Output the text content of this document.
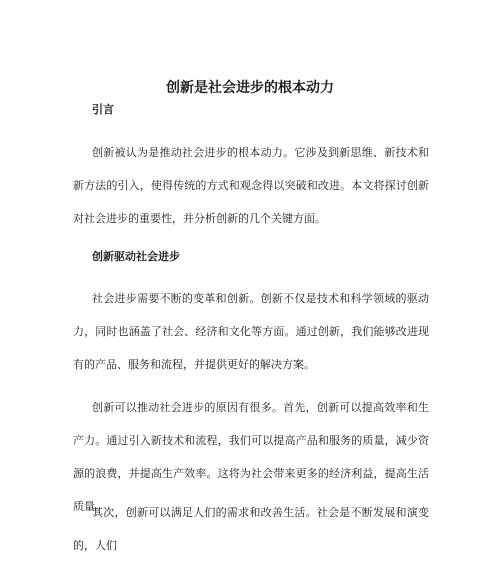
创新是社会进步的根本动力
引言

创新被认为是推动社会进步的根本动力。它涉及到新思维、新技术和新方法的引入，使得传统的方式和观念得以突破和改进。本文将探讨创新对社会进步的重要性，并分析创新的几个关键方面。

创新驱动社会进步

社会进步需要不断的变革和创新。创新不仅是技术和科学领域的驱动力，同时也涵盖了社会、经济和文化等方面。通过创新，我们能够改进现有的产品、服务和流程，并提供更好的解决方案。

创新可以推动社会进步的原因有很多。首先，创新可以提高效率和生产力。通过引入新技术和流程，我们可以提高产品和服务的质量，减少资源的浪费，并提高生产效率。这将为社会带来更多的经济利益，提高生活质量。

其次，创新可以满足人们的需求和改善生活。社会是不断发展和演变的，人们
